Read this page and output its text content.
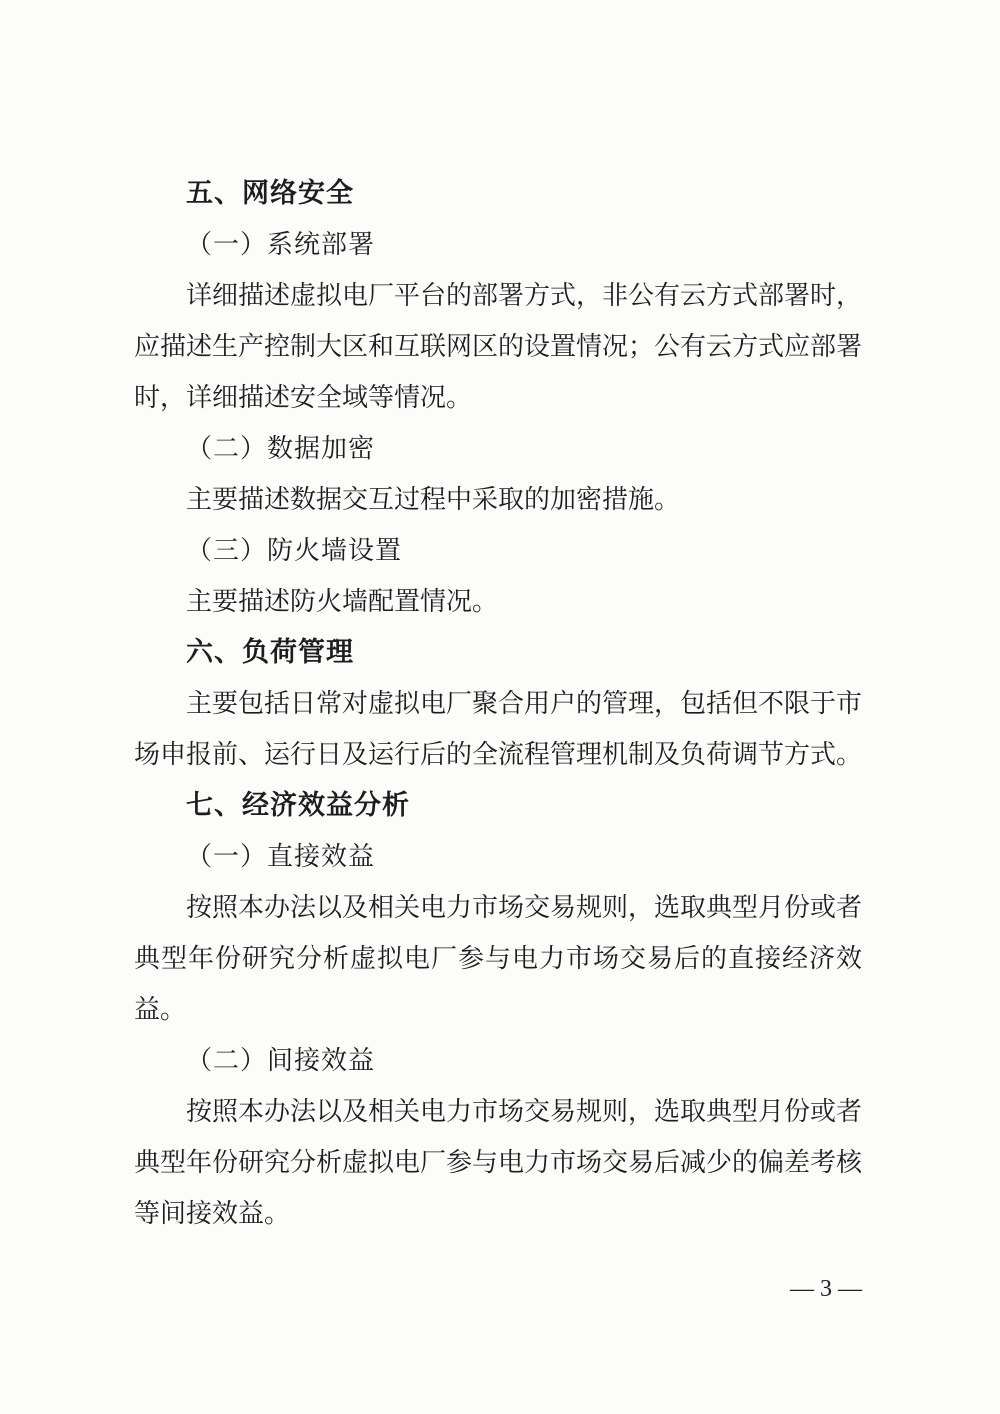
五、网络安全
（一）系统部署

详细描述虚拟电厂平台的部署方式，非公有云方式部署时，应描述生产控制大区和互联网区的设置情况；公有云方式应部署时，详细描述安全域等情况。

（二）数据加密

主要描述数据交互过程中采取的加密措施。

（三）防火墙设置

主要描述防火墙配置情况。

六、负荷管理

主要包括日常对虚拟电厂聚合用户的管理，包括但不限于市场申报前、运行日及运行后的全流程管理机制及负荷调节方式。

七、经济效益分析
（一）直接效益

按照本办法以及相关电力市场交易规则，选取典型月份或者典型年份研究分析虚拟电厂参与电力市场交易后的直接经济效益。

（二）间接效益

按照本办法以及相关电力市场交易规则，选取典型月份或者典型年份研究分析虚拟电厂参与电力市场交易后减少的偏差考核等间接效益。

— 3 —
